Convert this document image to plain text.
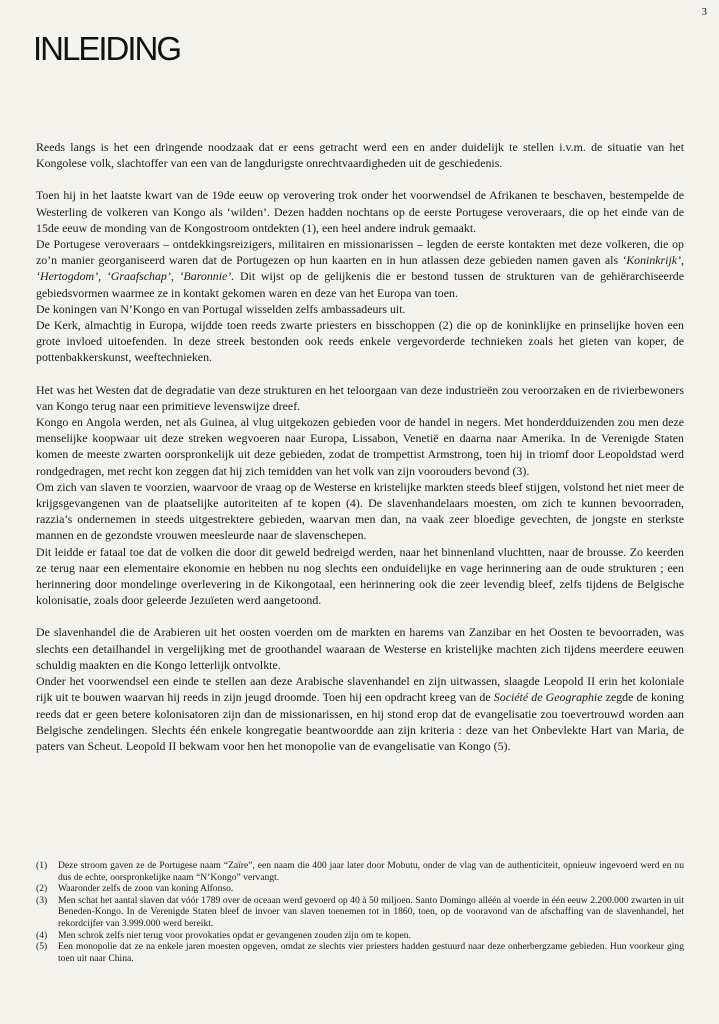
3
INLEIDING

Reeds langs is het een dringende noodzaak dat er eens getracht werd een en ander duidelijk te stellen i.v.m. de situatie van het Kongolese volk, slachtoffer van een van de langdurigste onrechtvaardigheden uit de geschiedenis.

Toen hij in het laatste kwart van de 19de eeuw op verovering trok onder het voorwendsel de Afrikanen te beschaven, bestempelde de Westerling de volkeren van Kongo als ‘wilden’. Dezen hadden nochtans op de eerste Portugese veroveraars, die op het einde van de 15de eeuw de monding van de Kongostroom ontdekten (1), een heel andere indruk gemaakt.

De Portugese veroveraars – ontdekkingsreizigers, militairen en missionarissen – legden de eerste kontakten met deze volkeren, die op zo’n manier georganiseerd waren dat de Portugezen op hun kaarten en in hun atlassen deze gebieden namen gaven als ‘Koninkrijk’, ‘Hertogdom’, ‘Graafschap’, ‘Baronnie’. Dit wijst op de gelijkenis die er bestond tussen de strukturen van de gehiërarchiseerde gebiedsvormen waarmee ze in kontakt gekomen waren en deze van het Europa van toen.

De koningen van N’Kongo en van Portugal wisselden zelfs ambassadeurs uit.

De Kerk, almachtig in Europa, wijdde toen reeds zwarte priesters en bisschoppen (2) die op de koninklijke en prinselijke hoven een grote invloed uitoefenden. In deze streek bestonden ook reeds enkele vergevorderde technieken zoals het gieten van koper, de pottenbakkerskunst, weeftechnieken.

Het was het Westen dat de degradatie van deze strukturen en het teloorgaan van deze industrieën zou veroorzaken en de rivierbewoners van Kongo terug naar een primitieve levenswijze dreef.

Kongo en Angola werden, net als Guinea, al vlug uitgekozen gebieden voor de handel in negers. Met honderdduizenden zou men deze menselijke koopwaar uit deze streken wegvoeren naar Europa, Lissabon, Venetië en daarna naar Amerika. In de Verenigde Staten komen de meeste zwarten oorspronkelijk uit deze gebieden, zodat de trompettist Armstrong, toen hij in triomf door Leopoldstad werd rondgedragen, met recht kon zeggen dat hij zich temidden van het volk van zijn voorouders bevond (3).

Om zich van slaven te voorzien, waarvoor de vraag op de Westerse en kristelijke markten steeds bleef stijgen, volstond het niet meer de krijgsgevangenen van de plaatselijke autoriteiten af te kopen (4). De slavenhandelaars moesten, om zich te kunnen bevoorraden, razzia’s ondernemen in steeds uitgestrektere gebieden, waarvan men dan, na vaak zeer bloedige gevechten, de jongste en sterkste mannen en de gezondste vrouwen meesleurde naar de slavenschepen.

Dit leidde er fataal toe dat de volken die door dit geweld bedreigd werden, naar het binnenland vluchtten, naar de brousse. Zo keerden ze terug naar een elementaire ekonomie en hebben nu nog slechts een onduidelijke en vage herinnering aan de oude strukturen ; een herinnering door mondelinge overlevering in de Kikongotaal, een herinnering ook die zeer levendig bleef, zelfs tijdens de Belgische kolonisatie, zoals door geleerde Jezuïeten werd aangetoond.

De slavenhandel die de Arabieren uit het oosten voerden om de markten en harems van Zanzibar en het Oosten te bevoorraden, was slechts een detailhandel in vergelijking met de groothandel waaraan de Westerse en kristelijke machten zich tijdens meerdere eeuwen schuldig maakten en die Kongo letterlijk ontvolkte.

Onder het voorwendsel een einde te stellen aan deze Arabische slavenhandel en zijn uitwassen, slaagde Leopold II erin het koloniale rijk uit te bouwen waarvan hij reeds in zijn jeugd droomde. Toen hij een opdracht kreeg van de Société de Geographie zegde de koning reeds dat er geen betere kolonisatoren zijn dan de missionarissen, en hij stond erop dat de evangelisatie zou toevertrouwd worden aan Belgische zendelingen. Slechts één enkele kongregatie beantwoordde aan zijn kriteria : deze van het Onbevlekte Hart van Maria, de paters van Scheut. Leopold II bekwam voor hen het monopolie van de evangelisatie van Kongo (5).

(1)	Deze stroom gaven ze de Portugese naam “Zaïre”, een naam die 400 jaar later door Mobutu, onder de vlag van de authenticiteit, opnieuw ingevoerd werd en nu dus de echte, oorspronkelijke naam “N’Kongo” vervangt.
(2)	Waaronder zelfs de zoon van koning Alfonso.
(3)	Men schat het aantal slaven dat vóór 1789 over de oceaan werd gevoerd op 40 à 50 miljoen. Santo Domingo alléén al voerde in één eeuw 2.200.000 zwarten in uit Beneden-Kongo. In de Verenigde Staten bleef de invoer van slaven toenemen tot in 1860, toen, op de vooravond van de afschaffing van de slavenhandel, het rekordcijfer van 3.999.000 werd bereikt.
(4)	Men schrok zelfs niet terug voor provokaties opdat er gevangenen zouden zijn om te kopen.
(5)	Een monopolie dat ze na enkele jaren moesten opgeven, omdat ze slechts vier priesters hadden gestuurd naar deze onherbergzame gebieden. Hun voorkeur ging toen uit naar China.
